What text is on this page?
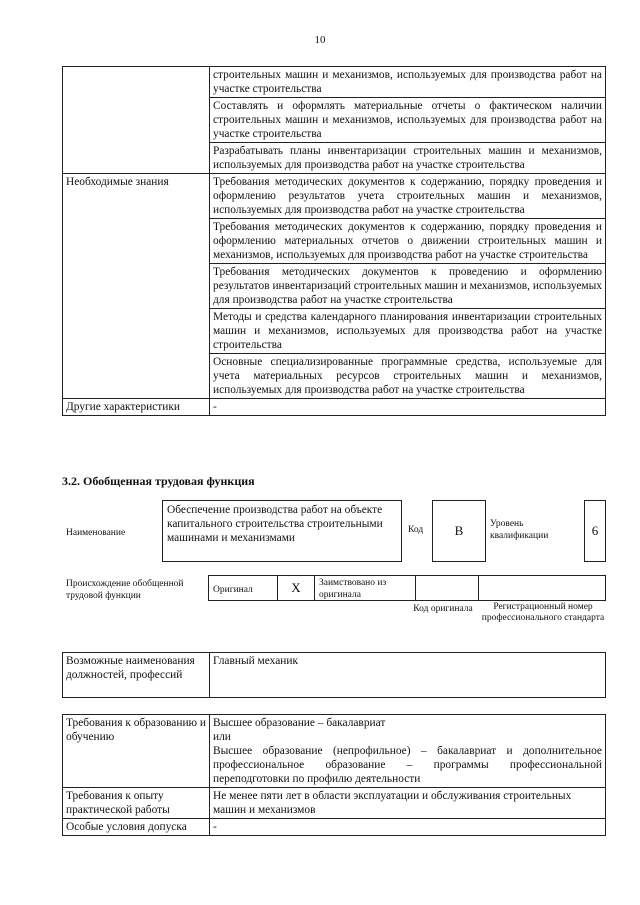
10
	строительных машин и механизмов, используемых для производства работ на участке строительства
	Составлять и оформлять материальные отчеты о фактическом наличии строительных машин и механизмов, используемых для производства работ на участке строительства
	Разрабатывать планы инвентаризации строительных машин и механизмов, используемых для производства работ на участке строительства
Необходимые знания	Требования методических документов к содержанию, порядку проведения и оформлению результатов учета строительных машин и механизмов, используемых для производства работ на участке строительства
	Требования методических документов к содержанию, порядку проведения и оформлению материальных отчетов о движении строительных машин и механизмов, используемых для производства работ на участке строительства
	Требования методических документов к проведению и оформлению результатов инвентаризаций строительных машин и механизмов, используемых для производства работ на участке строительства
	Методы и средства календарного планирования инвентаризации строительных машин и механизмов, используемых для производства работ на участке строительства
	Основные специализированные программные средства, используемые для учета материальных ресурсов строительных машин и механизмов, используемых для производства работ на участке строительства
Другие характеристики	-
3.2. Обобщенная трудовая функция
Наименование
Обеспечение производства работ на объекте капитального строительства строительными машинами и механизмами
Код	В	Уровень квалификации	6
Происхождение обобщенной трудовой функции
Оригинал	X	Заимствовано из оригинала
Код оригинала	Регистрационный номер профессионального стандарта
Возможные наименования должностей, профессий	Главный механик
Требования к образованию и обучению	Высшее образование – бакалавриат
или
Высшее образование (непрофильное) – бакалавриат и дополнительное профессиональное образование – программы профессиональной переподготовки по профилю деятельности

Требования к опыту практической работы	Не менее пяти лет в области эксплуатации и обслуживания строительных машин и механизмов
Особые условия допуска	-
